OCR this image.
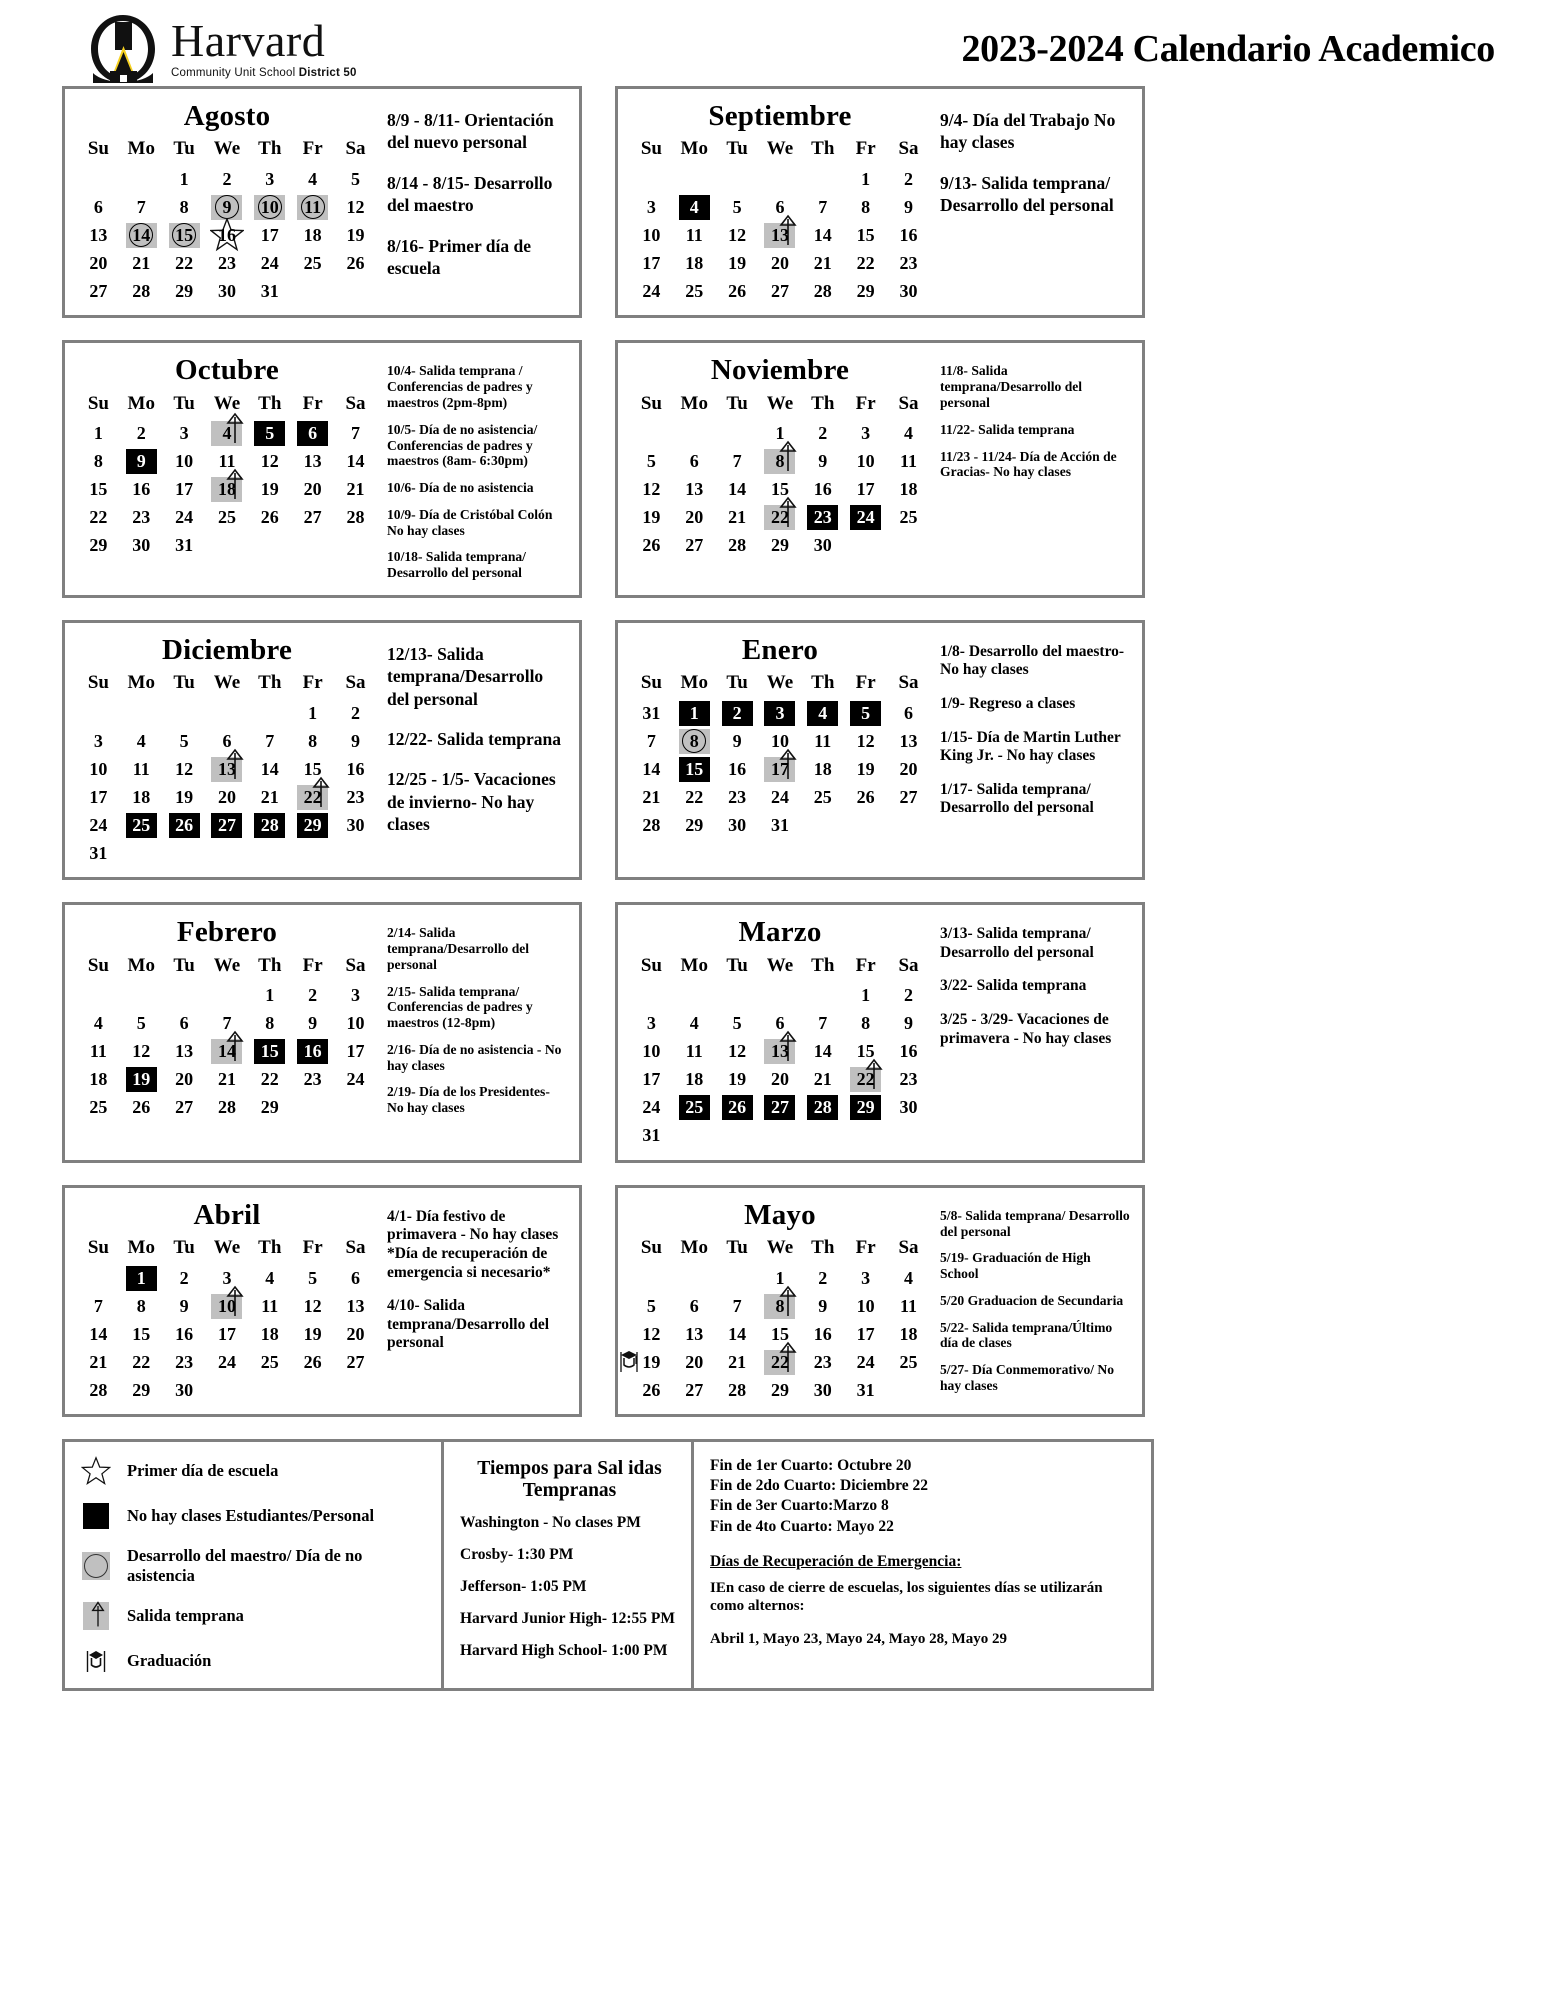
Harvard
Community Unit School District 50
2023-2024 Calendario Academico
Agosto
Su	Mo	Tu	We	Th	Fr	Sa

		1	2	3	4	5

6	7	8	9	10	11	12

13	14	15	16	17	18	19

20	21	22	23	24	25	26

27	28	29	30	31		

8/9 - 8/11- Orientación del nuevo personal
8/14 - 8/15- Desarrollo del maestro
8/16- Primer día de escuela
Septiembre
Su	Mo	Tu	We	Th	Fr	Sa

					1	2

3	4	5	6	7	8	9

10	11	12	13	14	15	16

17	18	19	20	21	22	23

24	25	26	27	28	29	30
9/4- Día del Trabajo No hay clases
9/13- Salida temprana/ Desarrollo del personal
Octubre
Su	Mo	Tu	We	Th	Fr	Sa

1	2	3	4	5	6	7

8	9	10	11	12	13	14

15	16	17	18	19	20	21

22	23	24	25	26	27	28

29	30	31				

10/4- Salida temprana / Conferencias de padres y maestros (2pm-8pm)
10/5- Día de no asistencia/ Conferencias de padres y maestros (8am- 6:30pm)
10/6- Día de no asistencia
10/9- Día de Cristóbal Colón No hay clases
10/18- Salida temprana/ Desarrollo del personal
Noviembre
Su	Mo	Tu	We	Th	Fr	Sa

			1	2	3	4

5	6	7	8	9	10	11

12	13	14	15	16	17	18

19	20	21	22	23	24	25

26	27	28	29	30		

11/8- Salida temprana/Desarrollo del personal
11/22- Salida temprana
11/23 - 11/24- Día de Acción de Gracias- No hay clases
Diciembre
Su	Mo	Tu	We	Th	Fr	Sa

					1	2

3	4	5	6	7	8	9

10	11	12	13	14	15	16

17	18	19	20	21	22	23

24	25	26	27	28	29	30

31						

12/13- Salida temprana/Desarrollo del personal
12/22- Salida temprana
12/25 - 1/5- Vacaciones de invierno- No hay clases
Enero
Su	Mo	Tu	We	Th	Fr	Sa

31	1	2	3	4	5	6

7	8	9	10	11	12	13

14	15	16	17	18	19	20

21	22	23	24	25	26	27

28	29	30	31			

1/8- Desarrollo del maestro- No hay clases
1/9- Regreso a clases
1/15- Día de Martin Luther King Jr. - No hay clases
1/17- Salida temprana/ Desarrollo del personal
Febrero
Su	Mo	Tu	We	Th	Fr	Sa

				1	2	3

4	5	6	7	8	9	10

11	12	13	14	15	16	17

18	19	20	21	22	23	24

25	26	27	28	29		

2/14- Salida temprana/Desarrollo del personal
2/15- Salida temprana/ Conferencias de padres y maestros (12-8pm)
2/16- Día de no asistencia - No hay clases
2/19- Día de los Presidentes- No hay clases
Marzo
Su	Mo	Tu	We	Th	Fr	Sa

					1	2

3	4	5	6	7	8	9

10	11	12	13	14	15	16

17	18	19	20	21	22	23

24	25	26	27	28	29	30

31						

3/13- Salida temprana/ Desarrollo del personal
3/22- Salida temprana
3/25 - 3/29- Vacaciones de primavera - No hay clases
Abril
Su	Mo	Tu	We	Th	Fr	Sa

	1	2	3	4	5	6

7	8	9	10	11	12	13

14	15	16	17	18	19	20

21	22	23	24	25	26	27

28	29	30				

4/1- Día festivo de primavera - No hay clases *Día de recuperación de emergencia si necesario*
4/10- Salida temprana/Desarrollo del personal
Mayo
Su	Mo	Tu	We	Th	Fr	Sa

			1	2	3	4

5	6	7	8	9	10	11

12	13	14	15	16	17	18

19	20	21	22	23	24	25

26	27	28	29	30	31	

5/8- Salida temprana/ Desarrollo del personal
5/19- Graduación de High School
5/20 Graduacion de Secundaria
5/22- Salida temprana/Último día de clases
5/27- Día Conmemorativo/ No hay clases
Primer día de escuela
No hay clases Estudiantes/Personal
Desarrollo del maestro/ Día de no asistencia
Salida temprana
Graduación
Tiempos para Sal idas Tempranas
Washington - No clases PM
Crosby- 1:30 PM
Jefferson- 1:05 PM
Harvard Junior High- 12:55 PM
Harvard High School- 1:00 PM
Fin de 1er Cuarto: Octubre 20
Fin de 2do Cuarto: Diciembre 22
Fin de 3er Cuarto:Marzo 8
Fin de 4to Cuarto: Mayo 22
Días de Recuperación de Emergencia:
IEn caso de cierre de escuelas, los siguientes días se utilizarán como alternos:
Abril 1, Mayo 23, Mayo 24, Mayo 28, Mayo 29
